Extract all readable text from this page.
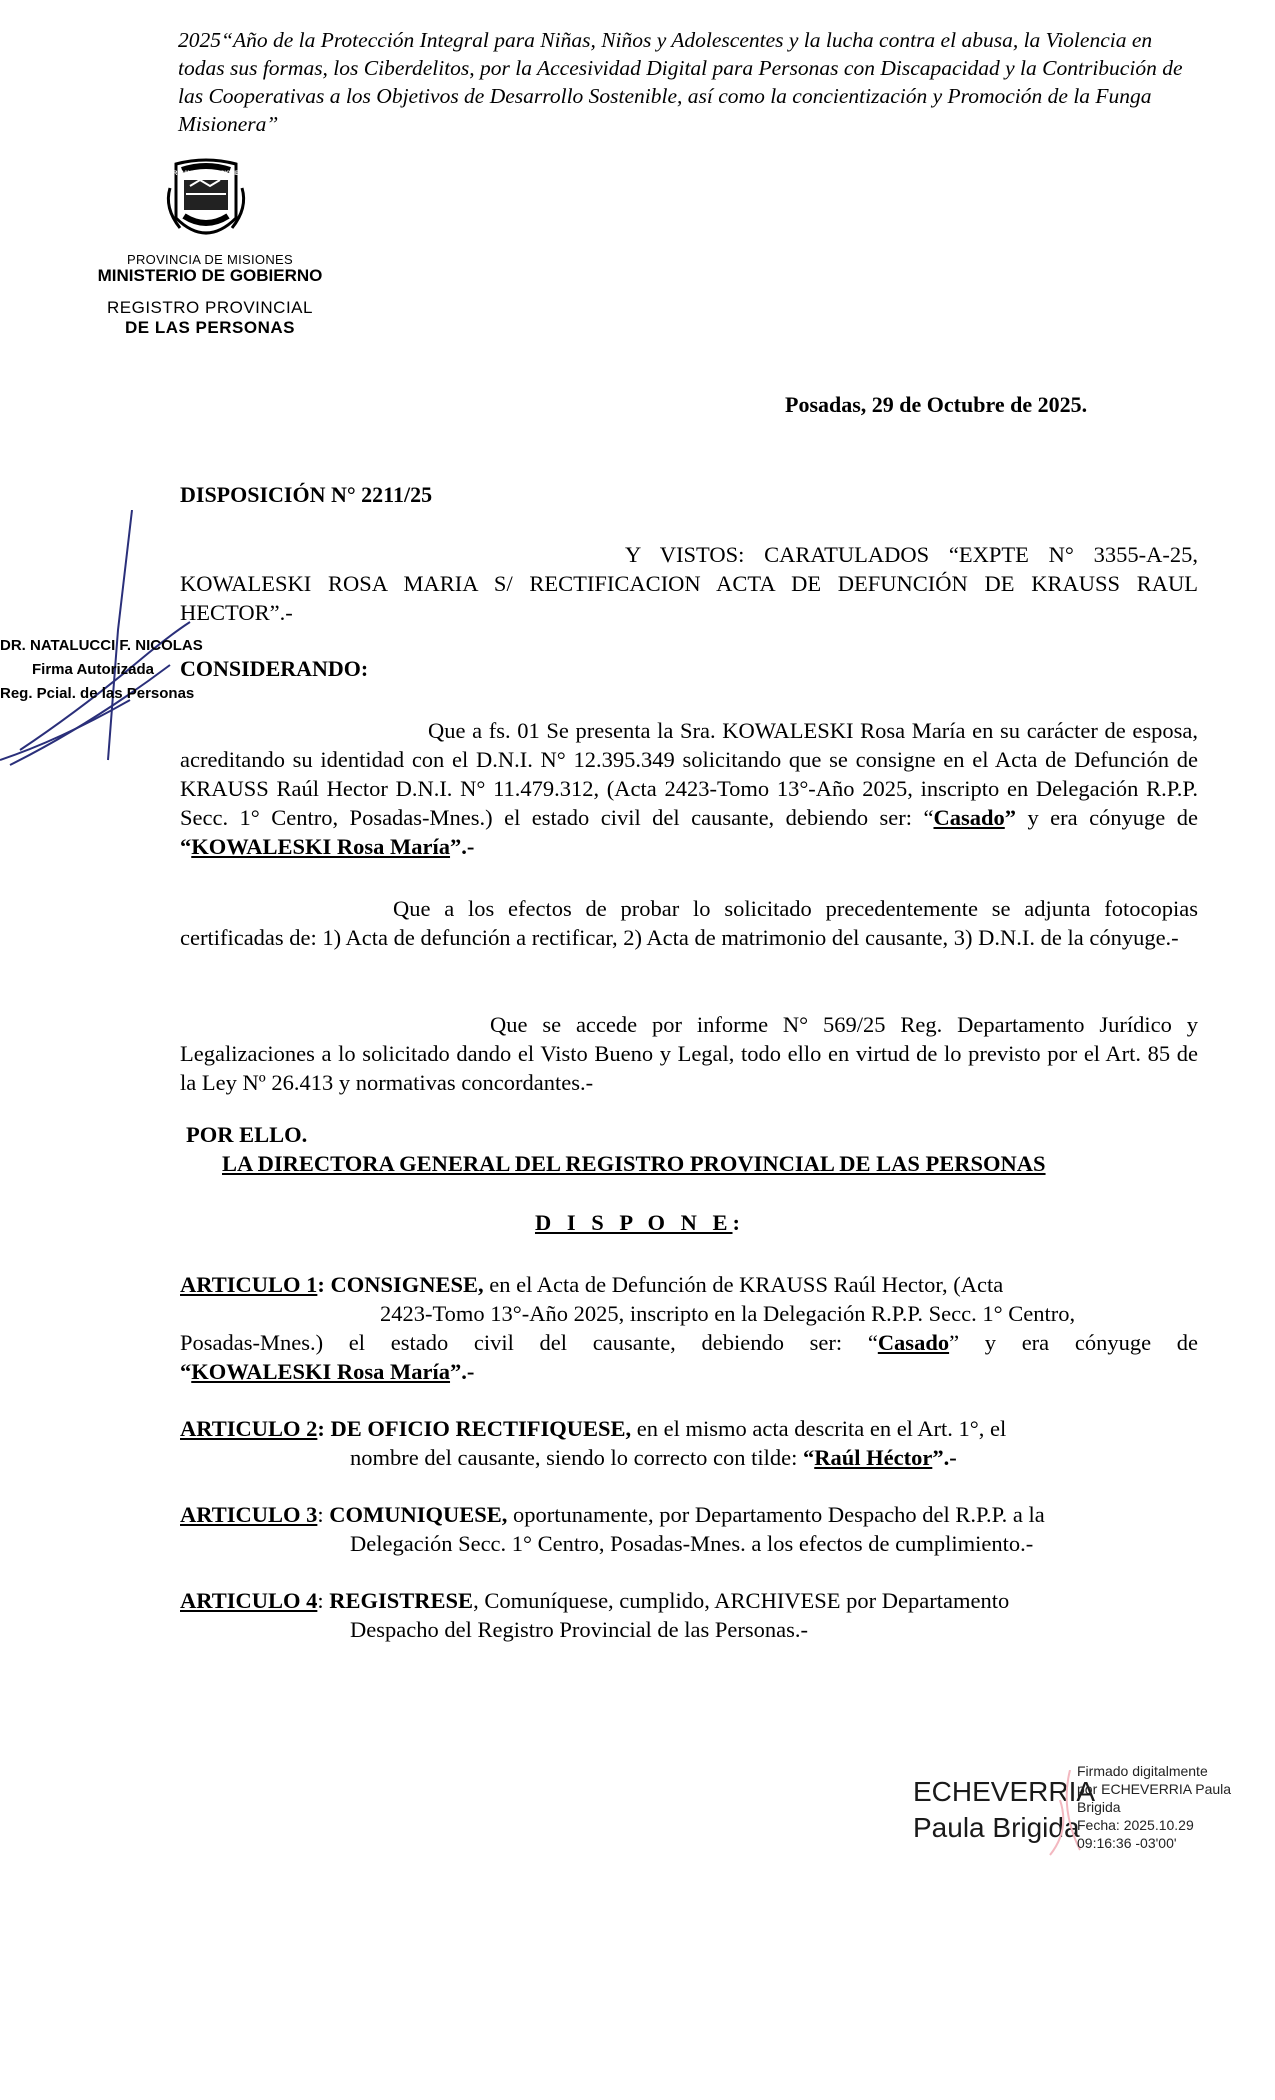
2025“Año de la Protección Integral para Niñas, Niños y Adolescentes y la lucha contra el abusa, la Violencia en todas sus formas, los Ciberdelitos, por la Accesividad Digital para Personas con Discapacidad y la Contribución de las Cooperativas a los Objetivos de Desarrollo Sostenible, así como la concientización y Promoción de la Funga Misionera”
PROVINCIA DE MISIONES
PROVINCIA DE MISIONES
MINISTERIO DE GOBIERNO
REGISTRO PROVINCIAL
DE LAS PERSONAS
Posadas, 29 de Octubre de 2025.
DISPOSICIÓN N° 2211/25

Y VISTOS: CARATULADOS “EXPTE N° 3355-A-25, KOWALESKI ROSA MARIA S/ RECTIFICACION ACTA DE DEFUNCIÓN DE KRAUSS RAUL HECTOR”.-

CONSIDERANDO:

Que a fs. 01 Se presenta la Sra. KOWALESKI Rosa María en su carácter de esposa, acreditando su identidad con el D.N.I. N° 12.395.349 solicitando que se consigne en el Acta de Defunción de KRAUSS Raúl Hector D.N.I. N° 11.479.312, (Acta 2423-Tomo 13°-Año 2025, inscripto en Delegación R.P.P. Secc. 1° Centro, Posadas-Mnes.) el estado civil del causante, debiendo ser: “Casado” y era cónyuge de “KOWALESKI Rosa María”.-

Que a los efectos de probar lo solicitado precedentemente se adjunta fotocopias certificadas de: 1) Acta de defunción a rectificar, 2) Acta de matrimonio del causante, 3) D.N.I. de la cónyuge.-

Que se accede por informe N° 569/25 Reg. Departamento Jurídico y Legalizaciones a lo solicitado dando el Visto Bueno y Legal, todo ello en virtud de lo previsto por el Art. 85 de la Ley Nº 26.413 y normativas concordantes.-

POR ELLO.
LA DIRECTORA GENERAL DEL REGISTRO PROVINCIAL DE LAS PERSONAS
D I S P O N E:
ARTICULO 1: CONSIGNESE, en el Acta de Defunción de KRAUSS Raúl Hector, (Acta
2423-Tomo 13°-Año 2025, inscripto en la Delegación R.P.P. Secc. 1° Centro,
Posadas-Mnes.) el estado civil del causante, debiendo ser: “Casado” y era cónyuge de
“KOWALESKI Rosa María”.-
ARTICULO 2: DE OFICIO RECTIFIQUESE, en el mismo acta descrita en el Art. 1°, el
nombre del causante, siendo lo correcto con tilde: “Raúl Héctor”.-
ARTICULO 3: COMUNIQUESE, oportunamente, por Departamento Despacho del R.P.P. a la
Delegación Secc. 1° Centro, Posadas-Mnes. a los efectos de cumplimiento.-
ARTICULO 4: REGISTRESE, Comuníquese, cumplido, ARCHIVESE por Departamento
Despacho del Registro Provincial de las Personas.-
DR. NATALUCCI F. NICOLAS
Firma Autorizada
Reg. Pcial. de las Personas
ECHEVERRIA
Paula Brigida
Firmado digitalmente
por ECHEVERRIA Paula
Brigida
Fecha: 2025.10.29
09:16:36 -03'00'
